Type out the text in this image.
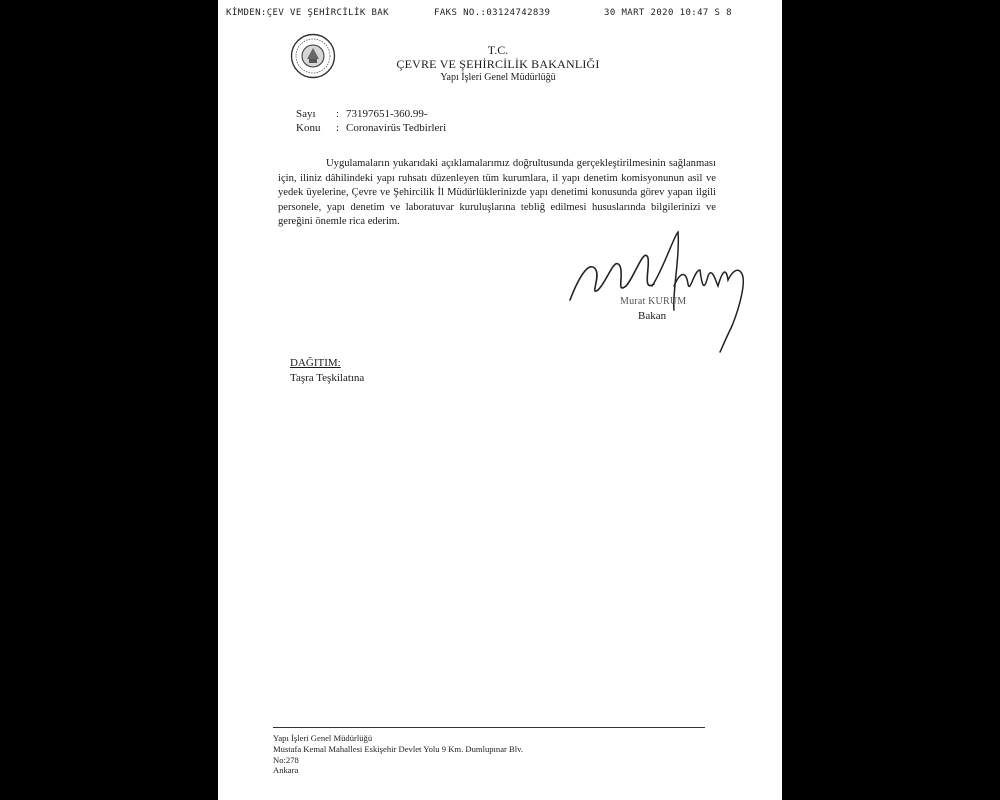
KİMDEN:ÇEV VE ŞEHİRCİLİK BAK	FAKS NO.:03124742839	30 MART 2020 10:47 S 8
T.C.
ÇEVRE VE ŞEHİRCİLİK BAKANLIĞI
Yapı İşleri Genel Müdürlüğü
Sayı	: 73197651-360.99-
Konu	: Coronavirüs Tedbirleri

Uygulamaların yukarıdaki açıklamalarımız doğrultusunda gerçekleştirilmesinin sağlanması için, iliniz dâhilindeki yapı ruhsatı düzenleyen tüm kurumlara, il yapı denetim komisyonunun asil ve yedek üyelerine, Çevre ve Şehircilik İl Müdürlüklerinizde yapı denetimi konusunda görev yapan ilgili personele, yapı denetim ve laboratuvar kuruluşlarına tebliğ edilmesi hususlarında bilgilerinizi ve gereğini önemle rica ederim.

Murat KURUM
Bakan
DAĞITIM:
Taşra Teşkilatına
Yapı İşleri Genel Müdürlüğü
Mustafa Kemal Mahallesi Eskişehir Devlet Yolu 9 Km. Dumlupınar Blv.
No:278
Ankara
